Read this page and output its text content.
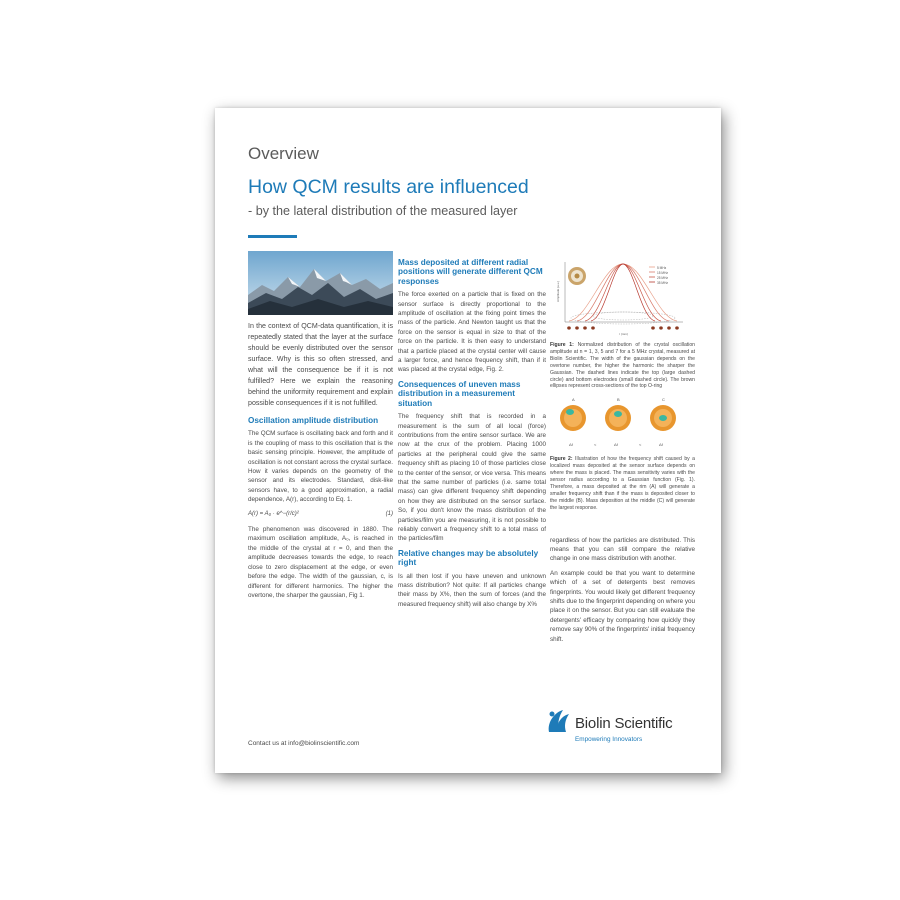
Overview
How QCM results are influenced
- by the lateral distribution of the measured layer

In the context of QCM-data quantification, it is repeatedly stated that the layer at the surface should be evenly distributed over the sensor surface. Why is this so often stressed, and what will the consequence be if it is not fulfilled? Here we explain the reasoning behind the uniformity requirement and explain possible consequences if it is not fulfilled.

Oscillation amplitude distribution

The QCM surface is oscillating back and forth and it is the coupling of mass to this oscillation that is the basic sensing principle. However, the amplitude of oscillation is not constant across the crystal surface. How it varies depends on the geometry of the sensor and its electrodes. Standard, disk-like sensors have, to a good approximation, a radial dependence, A(r), according to Eq. 1.

A(r) = A₀ · e^−(r/c)²	(1)

The phenomenon was discovered in 1880. The maximum oscillation amplitude, A₀, is reached in the middle of the crystal at r = 0, and then the amplitude decreases towards the edge, to reach close to zero displacement at the edge, or even before the edge. The width of the gaussian, c, is different for different harmonics. The higher the overtone, the sharper the gaussian, Fig 1.

Mass deposited at different radial positions will generate different QCM responses

The force exerted on a particle that is fixed on the sensor surface is directly proportional to the amplitude of oscillation at the fixing point times the mass of the particle. And Newton taught us that the force on the sensor is equal in size to that of the force on the particle. It is then easy to understand that a particle placed at the crystal center will cause a larger force, and hence frequency shift, than if it was placed at the crystal edge, Fig. 2.

Consequences of uneven mass distribution in a measurement situation

The frequency shift that is recorded in a measurement is the sum of all local (force) contributions from the entire sensor surface. We are now at the crux of the problem. Placing 1000 particles at the peripheral could give the same frequency shift as placing 10 of those particles close to the center of the sensor, or vice versa. This means that the same number of particles (i.e. same total mass) can give different frequency shift depending on how they are distributed on the sensor surface. So, if you don't know the mass distribution of the particles/film you are measuring, it is not possible to reliably convert a frequency shift to a total mass of the particles/film

Relative changes may be absolutely right

Is all then lost if you have uneven and unknown mass distribution? Not quite: If all particles change their mass by X%, then the sum of forces (and the measured frequency shift) will also change by X%

5 MHz
15 MHz
25 MHz
35 MHz
Amplitude (a.u.)
r (mm)

Figure 1: Normalized distribution of the crystal oscillation amplitude at n = 1, 3, 5 and 7 for a 5 MHz crystal, measured at Biolin Scientific. The width of the gaussian depends on the overtone number, the higher the harmonic the sharper the Gaussian. The dashed lines indicate the top (large dashed circle) and bottom electrodes (small dashed circle). The brown ellipses represent cross-sections of the top O-ring

A	B	C
Δf	<	Δf	<	Δf

Figure 2: Illustration of how the frequency shift caused by a localized mass deposited at the sensor surface depends on where the mass is placed. The mass sensitivity varies with the sensor radius according to a Gaussian function (Fig. 1). Therefore, a mass deposited at the rim (A) will generate a smaller frequency shift than if the mass is deposited closer to the middle (B). Mass deposition at the middle (C) will generate the largest response.

regardless of how the particles are distributed. This means that you can still compare the relative change in one mass distribution with another.

An example could be that you want to determine which of a set of detergents best removes fingerprints. You would likely get different frequency shifts due to the fingerprint depending on where you place it on the sensor. But you can still evaluate the detergents' efficacy by comparing how quickly they remove say 90% of the fingerprints' initial frequency shift.

Contact us at info@biolinscientific.com
Biolin Scientific
Empowering Innovators
